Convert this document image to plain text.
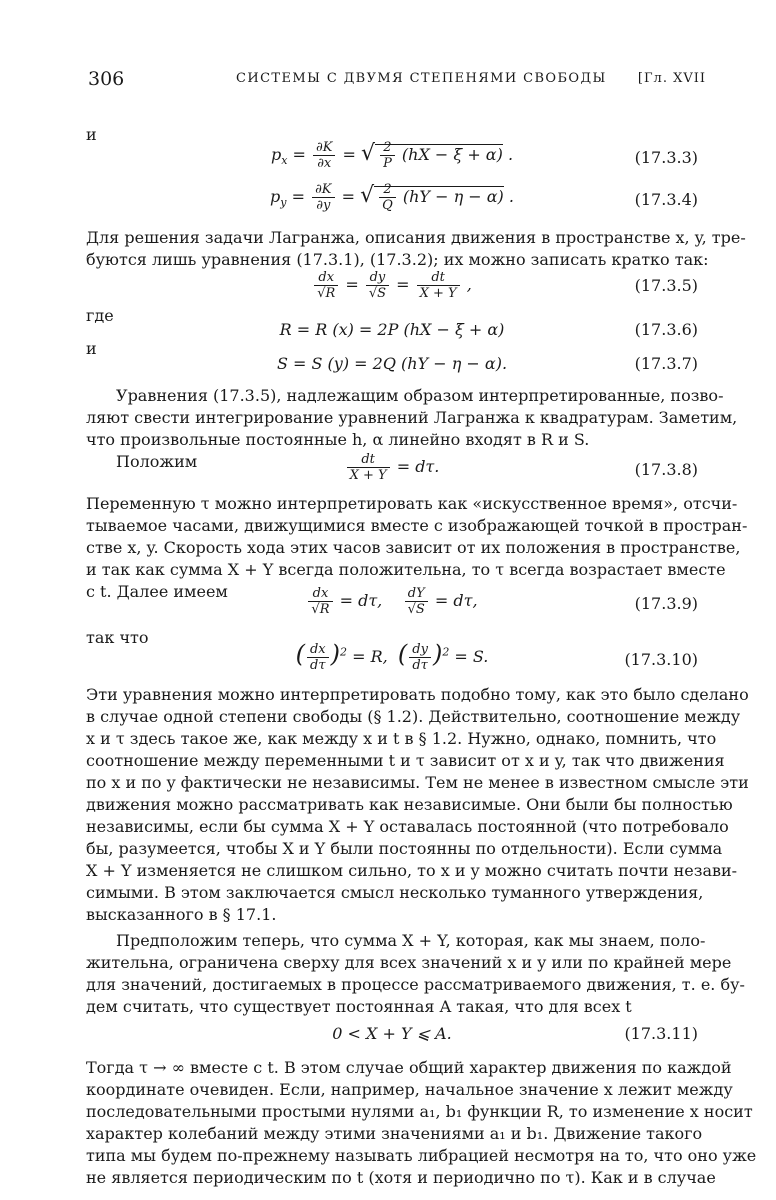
306	СИСТЕМЫ С ДВУМЯ СТЕПЕНЯМИ СВОБОДЫ [Гл. XVII
и
$p_x = \frac{\partial K}{\partial x}$ = √ $\frac{2}{P} (hX - \xi + \alpha)$ .	(17.3.3)
$p_y = \frac{\partial K}{\partial y}$ = √ $\frac{2}{Q} (hY - \eta - \alpha)$ .	(17.3.4)
Для решения задачи Лагранжа, описания движения в пространстве x, y, тре-
буются лишь уравнения (17.3.1), (17.3.2); их можно записать кратко так:
$\frac{dx}{√R} = \frac{dy}{√S} = \frac{dt}{X + Y}$ ,	(17.3.5)
где
R = R (x) = 2P (hX − ξ + α)	(17.3.6)
и
S = S (y) = 2Q (hY − η − α).	(17.3.7)
Уравнения (17.3.5), надлежащим образом интерпретированные, позво-
ляют свести интегрирование уравнений Лагранжа к квадратурам. Заметим,
что произвольные постоянные h, α линейно входят в R и S.
Положим	$\frac{dt}{X + Y} = d\tau$.	(17.3.8)
Переменную τ можно интерпретировать как «искусственное время», отсчи-
тываемое часами, движущимися вместе с изображающей точкой в простран-
стве x, y. Скорость хода этих часов зависит от их положения в пространстве,
и так как сумма X + Y всегда положительна, то τ всегда возрастает вместе
с t. Далее имеем	$\frac{dx}{√R} = d\tau$, $\frac{dY}{√S} = d\tau$,	(17.3.9)
так что
( $\frac{dx}{d\tau} )^2 = R$,  ( $\frac{dy}{d\tau} )^2 = S$.	(17.3.10)
Эти уравнения можно интерпретировать подобно тому, как это было сделано
в случае одной степени свободы (§ 1.2). Действительно, соотношение между
x и τ здесь такое же, как между x и t в § 1.2. Нужно, однако, помнить, что
соотношение между переменными t и τ зависит от x и y, так что движения
по x и по y фактически не независимы. Тем не менее в известном смысле эти
движения можно рассматривать как независимые. Они были бы полностью
независимы, если бы сумма X + Y оставалась постоянной (что потребовало
бы, разумеется, чтобы X и Y были постоянны по отдельности). Если сумма
X + Y изменяется не слишком сильно, то x и y можно считать почти незави-
симыми. В этом заключается смысл несколько туманного утверждения,
высказанного в § 17.1.
Предположим теперь, что сумма X + Y, которая, как мы знаем, поло-
жительна, ограничена сверху для всех значений x и y или по крайней мере
для значений, достигаемых в процессе рассматриваемого движения, т. е. бу-
дем считать, что существует постоянная A такая, что для всех t
0 < X + Y ⩽ A.	(17.3.11)
Тогда τ → ∞ вместе с t. В этом случае общий характер движения по каждой
координате очевиден. Если, например, начальное значение x лежит между
последовательными простыми нулями a₁, b₁ функции R, то изменение x носит
характер колебаний между этими значениями a₁ и b₁. Движение такого
типа мы будем по-прежнему называть либрацией несмотря на то, что оно уже
не является периодическим по t (хотя и периодично по τ). Как и в случае
